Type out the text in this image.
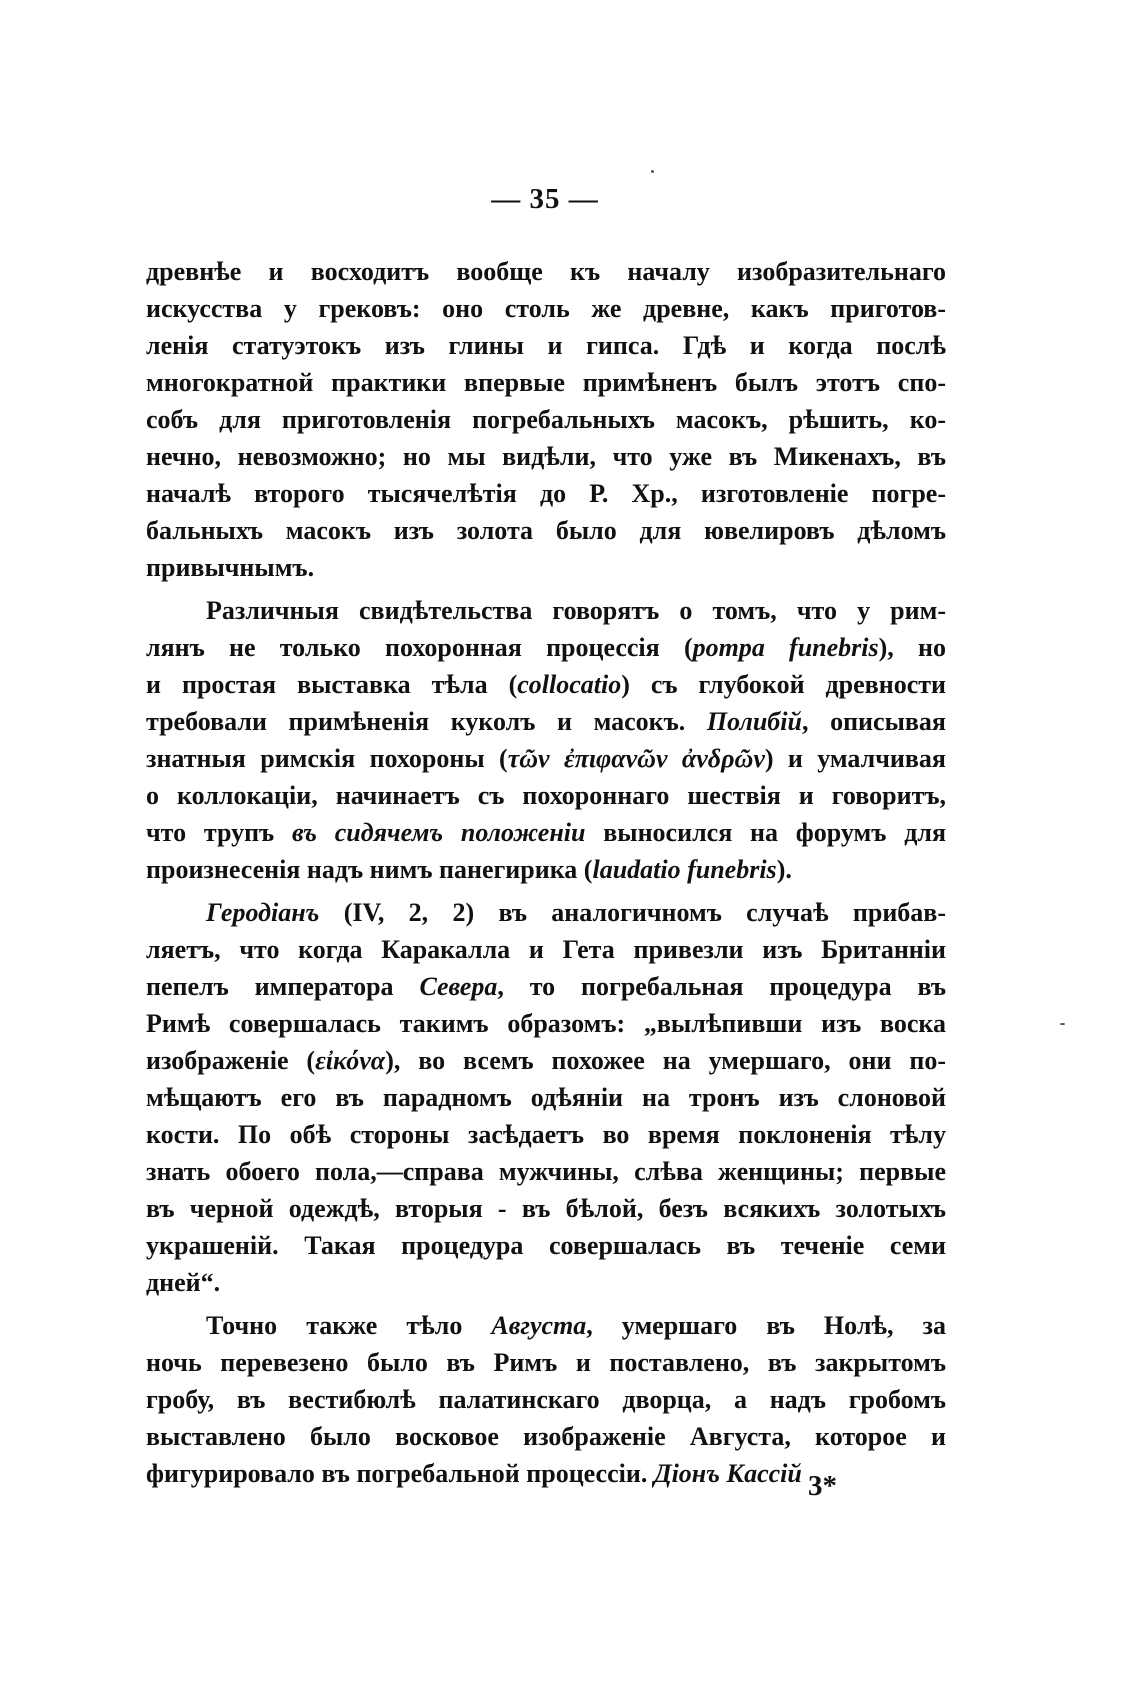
— 35 —
древнѣе и восходитъ вообще къ началу изобразительнаго
искусства у грековъ: оно столь же древне, какъ приготов-
ленія статуэтокъ изъ глины и гипса. Гдѣ и когда послѣ
многократной практики впервые примѣненъ былъ этотъ спо-
собъ для приготовленія погребальныхъ масокъ, рѣшить, ко-
нечно, невозможно; но мы видѣли, что уже въ Микенахъ, въ
началѣ второго тысячелѣтія до Р. Хр., изготовленіе погре-
бальныхъ масокъ изъ золота было для ювелировъ дѣломъ
привычнымъ.
Различныя свидѣтельства говорятъ о томъ, что у рим-
лянъ не только похоронная процессія (pompa funebris), но
и простая выставка тѣла (collocatio) съ глубокой древности
требовали примѣненія куколъ и масокъ. Полибій, описывая
знатныя римскія похороны (τῶν ἐπιφανῶν ἀνδρῶν) и умалчивая
о коллокаціи, начинаетъ съ похороннаго шествія и говоритъ,
что трупъ въ сидячемъ положеніи выносился на форумъ для
произнесенія надъ нимъ панегирика (laudatio funebris).
Геродіанъ (IV, 2, 2) въ аналогичномъ случаѣ прибав-
ляетъ, что когда Каракалла и Гета привезли изъ Британніи
пепелъ императора Севера, то погребальная процедура въ
Римѣ совершалась такимъ образомъ: „вылѣпивши изъ воска
изображеніе (εἰκόνα), во всемъ похожее на умершаго, они по-
мѣщаютъ его въ парадномъ одѣяніи на тронъ изъ слоновой
кости. По обѣ стороны засѣдаетъ во время поклоненія тѣлу
знать обоего пола,—справа мужчины, слѣва женщины; первые
въ черной одеждѣ, вторыя - въ бѣлой, безъ всякихъ золотыхъ
украшеній. Такая процедура совершалась въ теченіе семи
дней“.
Точно также тѣло Августа, умершаго въ Нолѣ, за
ночь перевезено было въ Римъ и поставлено, въ закрытомъ
гробу, въ вестибюлѣ палатинскаго дворца, а надъ гробомъ
выставлено было восковое изображеніе Августа, которое и
фигурировало въ погребальной процессіи. Діонъ Кассій 3*
